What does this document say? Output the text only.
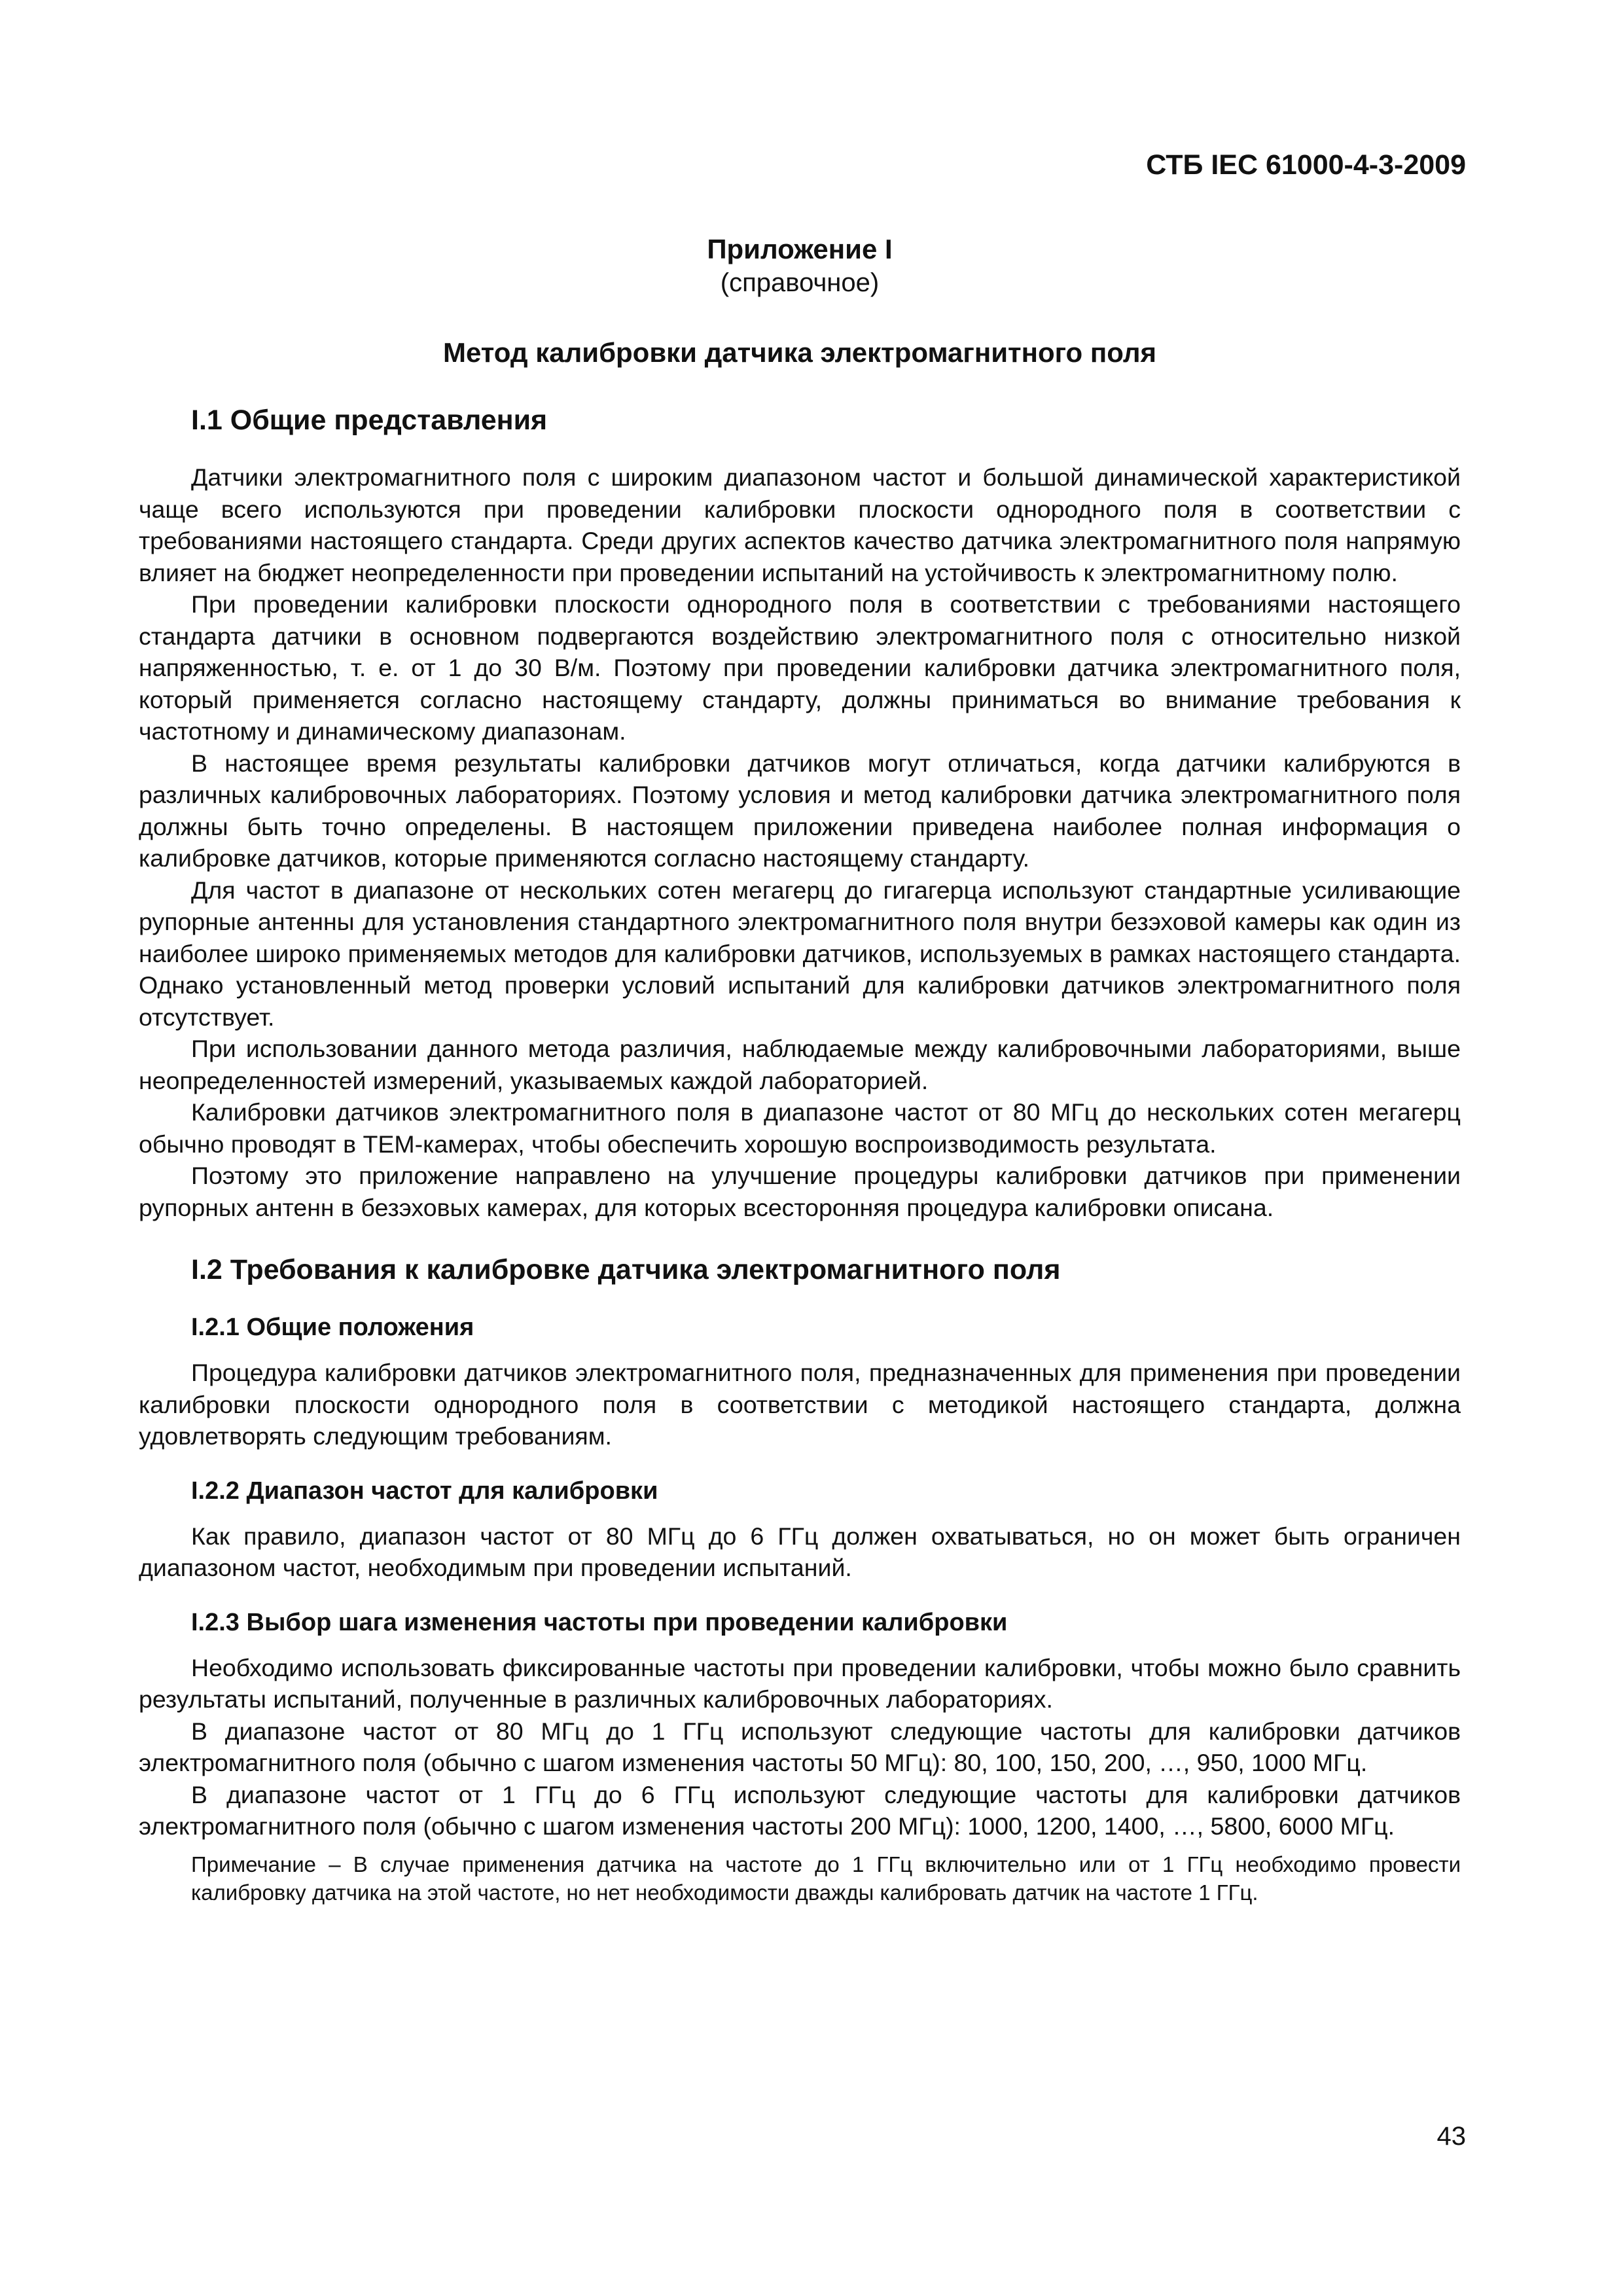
СТБ IEC 61000-4-3-2009

Приложение I

(справочное)

Метод калибровки датчика электромагнитного поля

I.1 Общие представления

Датчики электромагнитного поля с широким диапазоном частот и большой динамической характеристикой чаще всего используются при проведении калибровки плоскости однородного поля в соответствии с требованиями настоящего стандарта. Среди других аспектов качество датчика электромагнитного поля напрямую влияет на бюджет неопределенности при проведении испытаний на устойчивость к электромагнитному полю.

При проведении калибровки плоскости однородного поля в соответствии с требованиями настоящего стандарта датчики в основном подвергаются воздействию электромагнитного поля с относительно низкой напряженностью, т. е. от 1 до 30 В/м. Поэтому при проведении калибровки датчика электромагнитного поля, который применяется согласно настоящему стандарту, должны приниматься во внимание требования к частотному и динамическому диапазонам.

В настоящее время результаты калибровки датчиков могут отличаться, когда датчики калибруются в различных калибровочных лабораториях. Поэтому условия и метод калибровки датчика электромагнитного поля должны быть точно определены. В настоящем приложении приведена наиболее полная информация о калибровке датчиков, которые применяются согласно настоящему стандарту.

Для частот в диапазоне от нескольких сотен мегагерц до гигагерца используют стандартные усиливающие рупорные антенны для установления стандартного электромагнитного поля внутри безэховой камеры как один из наиболее широко применяемых методов для калибровки датчиков, используемых в рамках настоящего стандарта. Однако установленный метод проверки условий испытаний для калибровки датчиков электромагнитного поля отсутствует.

При использовании данного метода различия, наблюдаемые между калибровочными лабораториями, выше неопределенностей измерений, указываемых каждой лабораторией.

Калибровки датчиков электромагнитного поля в диапазоне частот от 80 МГц до нескольких сотен мегагерц обычно проводят в ТЕМ-камерах, чтобы обеспечить хорошую воспроизводимость результата.

Поэтому это приложение направлено на улучшение процедуры калибровки датчиков при применении рупорных антенн в безэховых камерах, для которых всесторонняя процедура калибровки описана.

I.2 Требования к калибровке датчика электромагнитного поля
I.2.1 Общие положения

Процедура калибровки датчиков электромагнитного поля, предназначенных для применения при проведении калибровки плоскости однородного поля в соответствии с методикой настоящего стандарта, должна удовлетворять следующим требованиям.

I.2.2 Диапазон частот для калибровки

Как правило, диапазон частот от 80 МГц до 6 ГГц должен охватываться, но он может быть ограничен диапазоном частот, необходимым при проведении испытаний.

I.2.3 Выбор шага изменения частоты при проведении калибровки

Необходимо использовать фиксированные частоты при проведении калибровки, чтобы можно было сравнить результаты испытаний, полученные в различных калибровочных лабораториях.

В диапазоне частот от 80 МГц до 1 ГГц используют следующие частоты для калибровки датчиков электромагнитного поля (обычно с шагом изменения частоты 50 МГц): 80, 100, 150, 200, …, 950, 1000 МГц.

В диапазоне частот от 1 ГГц до 6 ГГц используют следующие частоты для калибровки датчиков электромагнитного поля (обычно с шагом изменения частоты 200 МГц): 1000, 1200, 1400, …, 5800, 6000 МГц.

Примечание – В случае применения датчика на частоте до 1 ГГц включительно или от 1 ГГц необходимо провести калибровку датчика на этой частоте, но нет необходимости дважды калибровать датчик на частоте 1 ГГц.
43
